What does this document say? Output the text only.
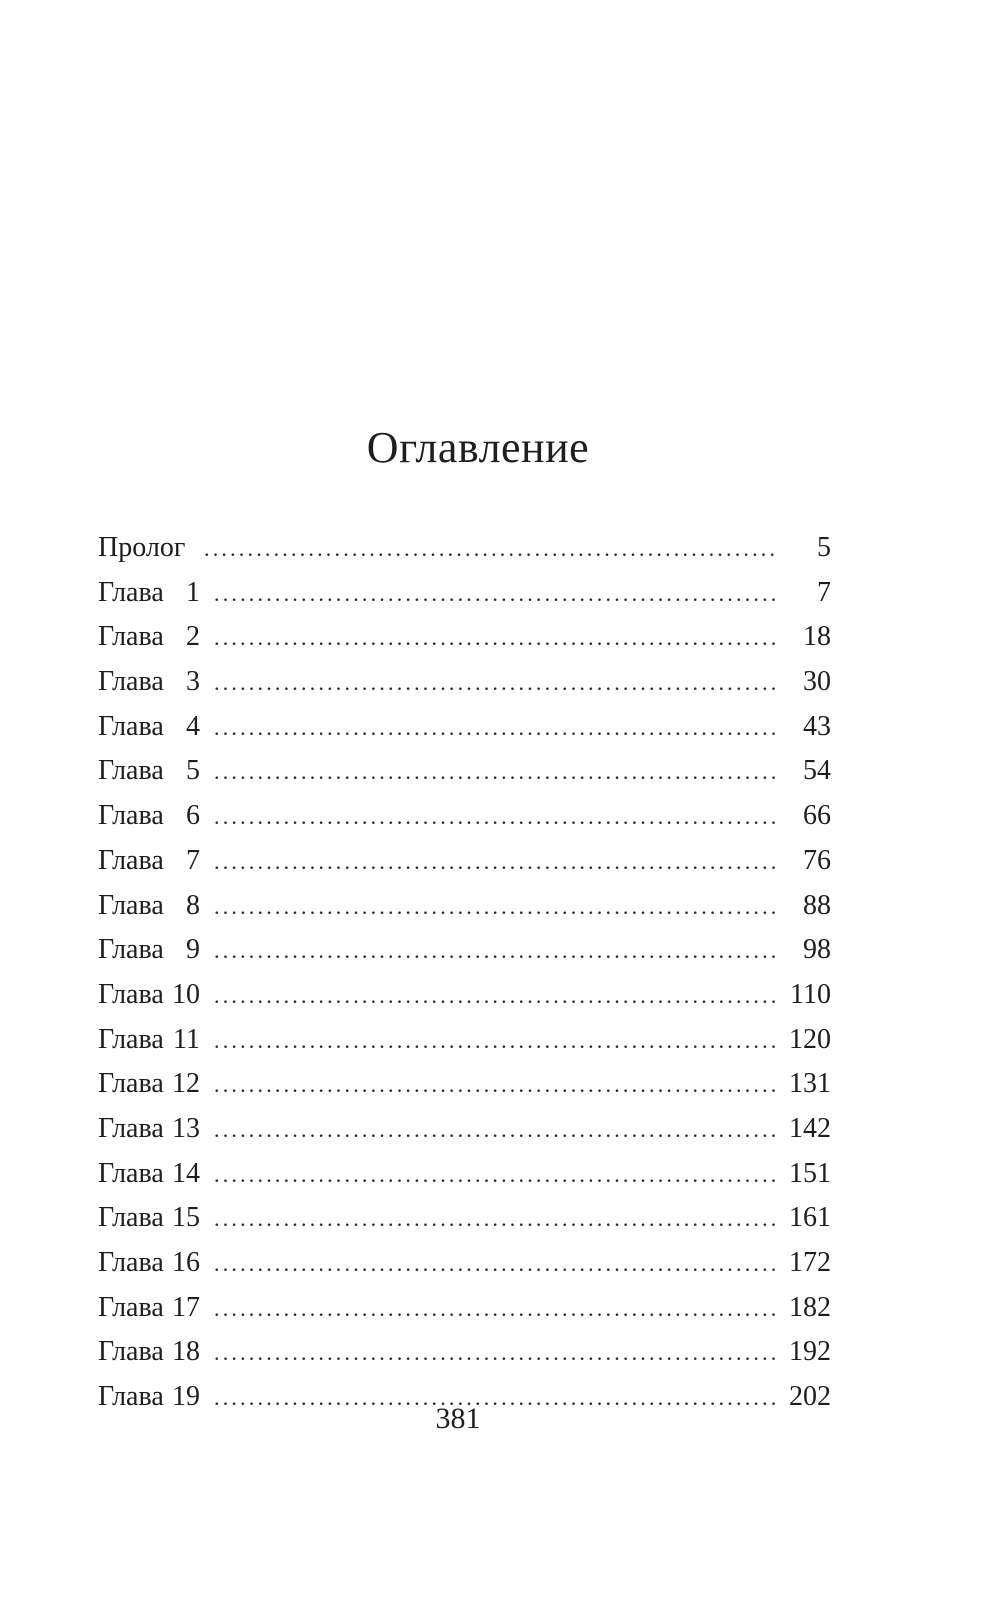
Оглавление
Пролог .....	5
Глава 1 .....	7
Глава 2 .....	18
Глава 3 .....	30
Глава 4 .....	43
Глава 5 .....	54
Глава 6 .....	66
Глава 7 .....	76
Глава 8 .....	88
Глава 9 .....	98
Глава 10 .....	110
Глава 11 .....	120
Глава 12 .....	131
Глава 13 .....	142
Глава 14 .....	151
Глава 15 .....	161
Глава 16 .....	172
Глава 17 .....	182
Глава 18 .....	192
Глава 19 .....	202
381
